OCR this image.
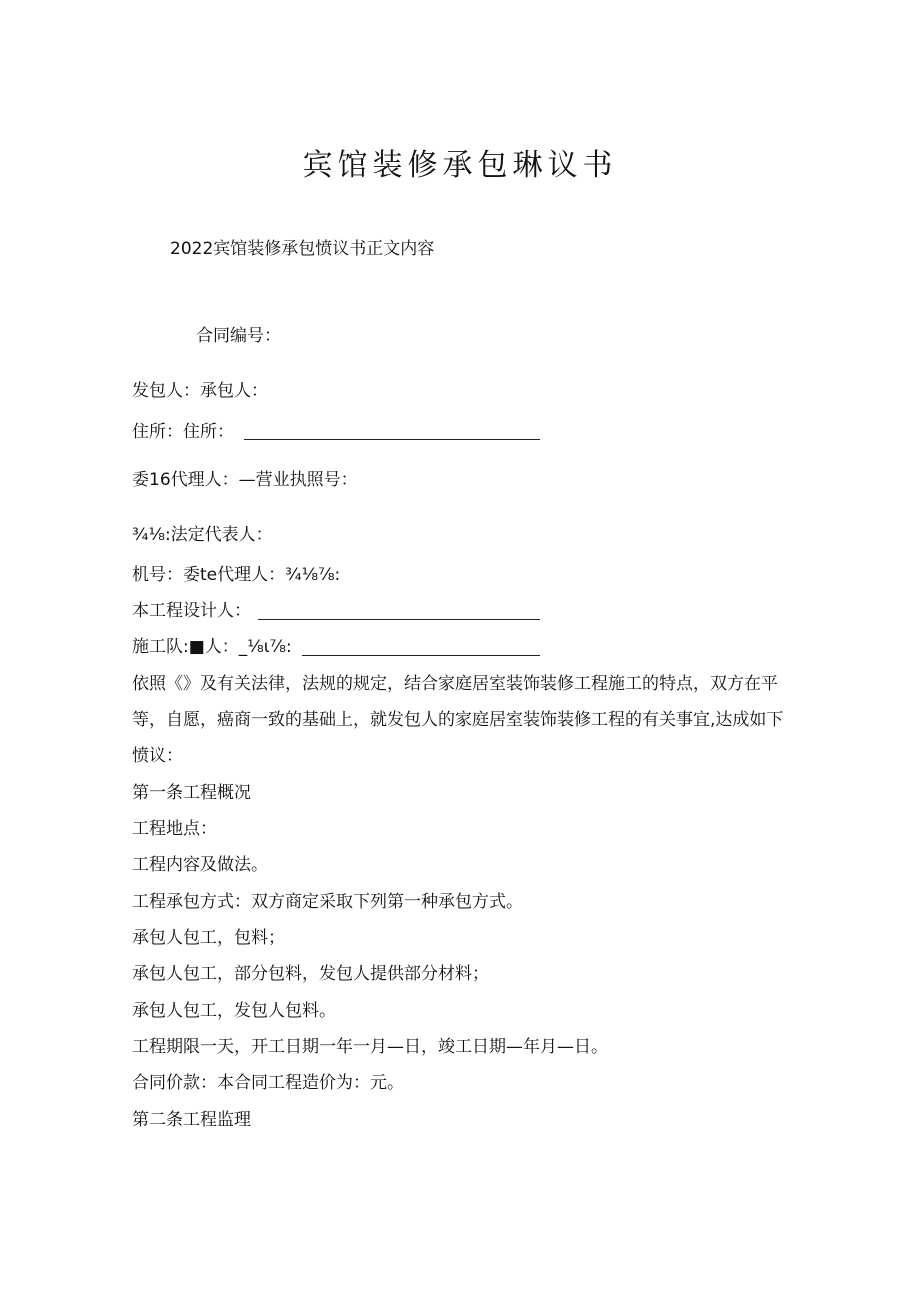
宾馆装修承包琳议书
2022宾馆装修承包愤议书正文内容
合同编号：
发包人：承包人：
住所：住所：
委16代理人：—营业执照号：
¾⅛:法定代表人：
机号：委te代理人：¾⅛⅞:
本工程设计人：
施工队:■人：_⅛ι⅞:
依照《》及有关法律，法规的规定，结合家庭居室装饰装修工程施工的特点，双方在平
等，自愿，癌商一致的基础上，就发包人的家庭居室装饰装修工程的有关事宜,达成如下
愤议：
第一条工程概况
工程地点：
工程内容及做法。
工程承包方式：双方商定采取下列第一种承包方式。
承包人包工，包料；
承包人包工，部分包料，发包人提供部分材料；
承包人包工，发包人包料。
工程期限一天，开工日期一年一月—日，竣工日期—年月—日。
合同价款：本合同工程造价为：元。
第二条工程监理
